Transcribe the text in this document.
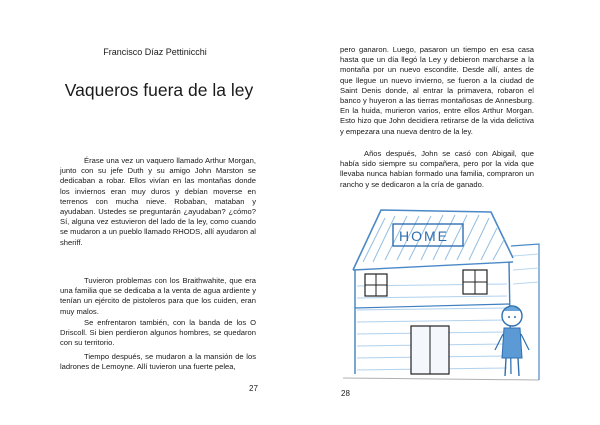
Francisco Díaz Pettinicchi
Vaqueros fuera de la ley

Érase una vez un vaquero llamado Arthur Morgan, junto con su jefe Duth y su amigo John Marston se dedicaban a robar. Ellos vivían en las montañas donde los inviernos eran muy duros y debían moverse en terrenos con mucha nieve. Robaban, mataban y ayudaban. Ustedes se preguntarán ¿ayudaban? ¿cómo? Sí, alguna vez estuvieron del lado de la ley, como cuando se mudaron a un pueblo llamado RHODS, allí ayudaron al sheriff.

Tuvieron problemas con los Braithwahite, que era una familia que se dedicaba a la venta de agua ardiente y tenían un ejército de pistoleros para que los cuiden, eran muy malos.

Se enfrentaron también, con la banda de los O Driscoll. Si bien perdieron algunos hombres, se quedaron con su territorio.

Tiempo después, se mudaron a la mansión de los ladrones de Lemoyne. Allí tuvieron una fuerte pelea,

27

pero ganaron. Luego, pasaron un tiempo en esa casa hasta que un día llegó la Ley y debieron marcharse a la montaña por un nuevo escondite. Desde allí, antes de que llegue un nuevo invierno, se fueron a la ciudad de Saint Denis donde, al entrar la primavera, robaron el banco y huyeron a las tierras montañosas de Annesburg. En la huida, murieron varios, entre ellos Arthur Morgan. Esto hizo que John decidiera retirarse de la vida delictiva y empezara una nueva dentro de la ley.

Años después, John se casó con Abigail, que había sido siempre su compañera, pero por la vida que llevaba nunca habían formado una familia, compraron un rancho y se dedicaron a la cría de ganado.

HOME
28
